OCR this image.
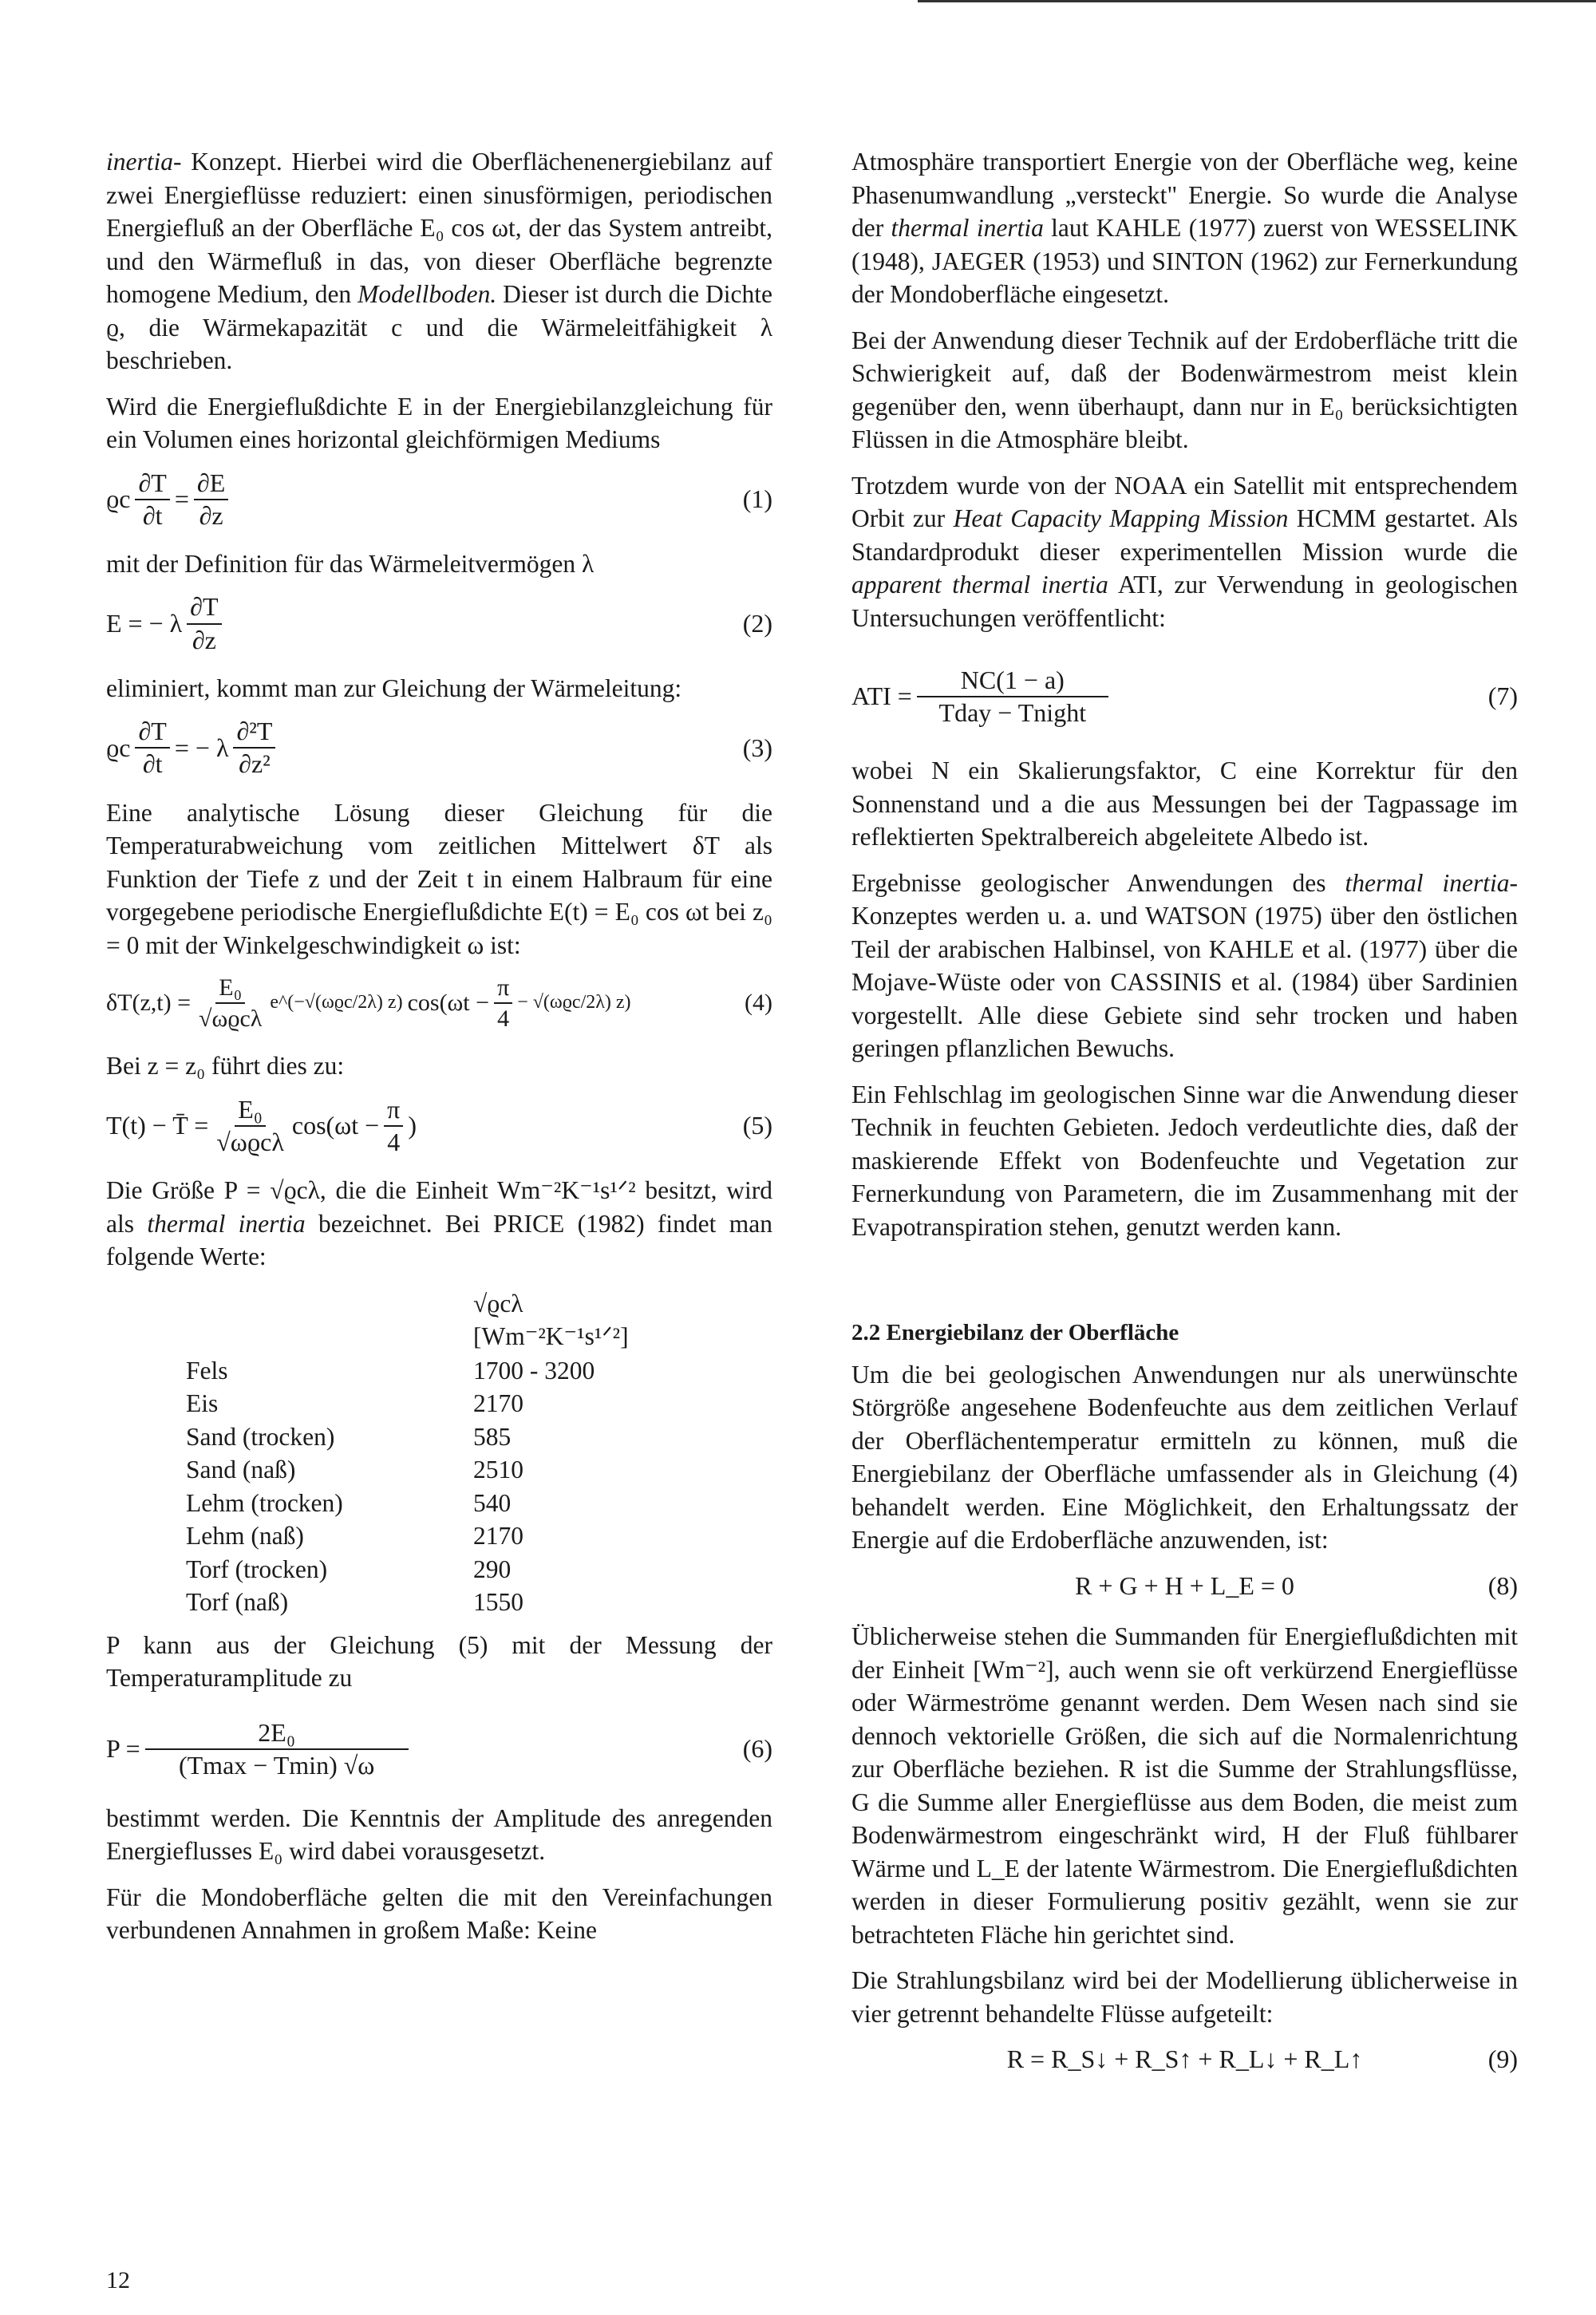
inertia- Konzept. Hierbei wird die Oberflächenenergiebilanz auf zwei Energieflüsse reduziert: einen sinusförmigen, periodischen Energiefluß an der Oberfläche E₀ cos ωt, der das System antreibt, und den Wärmefluß in das, von dieser Oberfläche begrenzte homogene Medium, den Modellboden. Dieser ist durch die Dichte ϱ, die Wärmekapazität c und die Wärmeleitfähigkeit λ beschrieben.

Wird die Energieflußdichte E in der Energiebilanzgleichung für ein Volumen eines horizontal gleichförmigen Mediums

ϱc $\frac{\partial T}{\partial t} = \frac{\partial E}{\partial z}$	(1)

mit der Definition für das Wärmeleitvermögen λ

E = − λ $\frac{\partial T}{\partial z}$	(2)

eliminiert, kommt man zur Gleichung der Wärmeleitung:

ϱc $\frac{\partial T}{\partial t}$ = − λ $\frac{\text{∂²T}}{\text{∂z²}}$	(3)

Eine analytische Lösung dieser Gleichung für die Temperaturabweichung vom zeitlichen Mittelwert δT als Funktion der Tiefe z und der Zeit t in einem Halbraum für eine vorgegebene periodische Energieflußdichte E(t) = E₀ cos ωt bei z₀ = 0 mit der Winkelgeschwindigkeit ω ist:

$\delta T(z,t) = \frac{\text{E₀}}{\text{√ωϱcλ}}$ e^(−√(ωϱc/2λ) z) $\cos(\omega t - \frac{\pi}{4} - √(\omega ϱc/2\lambda)$ z)	(4)

Bei z = z₀ führt dies zu:

T(t) − T̄ = $\frac{\text{E₀}}{\text{√ωϱcλ}} \cos(\omega t - \frac{\pi}{4}$ )	(5)

Die Größe P = √ϱcλ, die die Einheit Wm⁻²K⁻¹s¹ᐟ² besitzt, wird als thermal inertia bezeichnet. Bei PRICE (1982) findet man folgende Werte:

	√ϱcλ [Wm⁻²K⁻¹s¹ᐟ²]
Fels	1700 - 3200
Eis	2170
Sand (trocken)	585
Sand (naß)	2510
Lehm (trocken)	540
Lehm (naß)	2170
Torf (trocken)	290
Torf (naß)	1550

P kann aus der Gleichung (5) mit der Messung der Temperaturamplitude zu

$P = \frac{\text{2E₀}}{(Tmax - Tmin) √\omega}$	(6)

bestimmt werden. Die Kenntnis der Amplitude des anregenden Energieflusses E₀ wird dabei vorausgesetzt.

Für die Mondoberfläche gelten die mit den Vereinfachungen verbundenen Annahmen in großem Maße: Keine

Atmosphäre transportiert Energie von der Oberfläche weg, keine Phasenumwandlung „versteckt" Energie. So wurde die Analyse der thermal inertia laut KAHLE (1977) zuerst von WESSELINK (1948), JAEGER (1953) und SINTON (1962) zur Fernerkundung der Mondoberfläche eingesetzt.

Bei der Anwendung dieser Technik auf der Erdoberfläche tritt die Schwierigkeit auf, daß der Bodenwärmestrom meist klein gegenüber den, wenn überhaupt, dann nur in E₀ berücksichtigten Flüssen in die Atmosphäre bleibt.

Trotzdem wurde von der NOAA ein Satellit mit entsprechendem Orbit zur Heat Capacity Mapping Mission HCMM gestartet. Als Standardprodukt dieser experimentellen Mission wurde die apparent thermal inertia ATI, zur Verwendung in geologischen Untersuchungen veröffentlicht:

ATI = $\frac{NC(1 - a)}{\text{Tday − Tnight}}$	(7)

wobei N ein Skalierungsfaktor, C eine Korrektur für den Sonnenstand und a die aus Messungen bei der Tagpassage im reflektierten Spektralbereich abgeleitete Albedo ist.

Ergebnisse geologischer Anwendungen des thermal inertia-Konzeptes werden u. a. und WATSON (1975) über den östlichen Teil der arabischen Halbinsel, von KAHLE et al. (1977) über die Mojave-Wüste oder von CASSINIS et al. (1984) über Sardinien vorgestellt. Alle diese Gebiete sind sehr trocken und haben geringen pflanzlichen Bewuchs.

Ein Fehlschlag im geologischen Sinne war die Anwendung dieser Technik in feuchten Gebieten. Jedoch verdeutlichte dies, daß der maskierende Effekt von Bodenfeuchte und Vegetation zur Fernerkundung von Parametern, die im Zusammenhang mit der Evapotranspiration stehen, genutzt werden kann.

2.2 Energiebilanz der Oberfläche

Um die bei geologischen Anwendungen nur als unerwünschte Störgröße angesehene Bodenfeuchte aus dem zeitlichen Verlauf der Oberflächentemperatur ermitteln zu können, muß die Energiebilanz der Oberfläche umfassender als in Gleichung (4) behandelt werden. Eine Möglichkeit, den Erhaltungssatz der Energie auf die Erdoberfläche anzuwenden, ist:

R + G + H + L_E = 0	(8)

Üblicherweise stehen die Summanden für Energieflußdichten mit der Einheit [Wm⁻²], auch wenn sie oft verkürzend Energieflüsse oder Wärmeströme genannt werden. Dem Wesen nach sind sie dennoch vektorielle Größen, die sich auf die Normalenrichtung zur Oberfläche beziehen. R ist die Summe der Strahlungsflüsse, G die Summe aller Energieflüsse aus dem Boden, die meist zum Bodenwärmestrom eingeschränkt wird, H der Fluß fühlbarer Wärme und L_E der latente Wärmestrom. Die Energieflußdichten werden in dieser Formulierung positiv gezählt, wenn sie zur betrachteten Fläche hin gerichtet sind.

Die Strahlungsbilanz wird bei der Modellierung üblicherweise in vier getrennt behandelte Flüsse aufgeteilt:

R = R_S↓ + R_S↑ + R_L↓ + R_L↑	(9)
12
